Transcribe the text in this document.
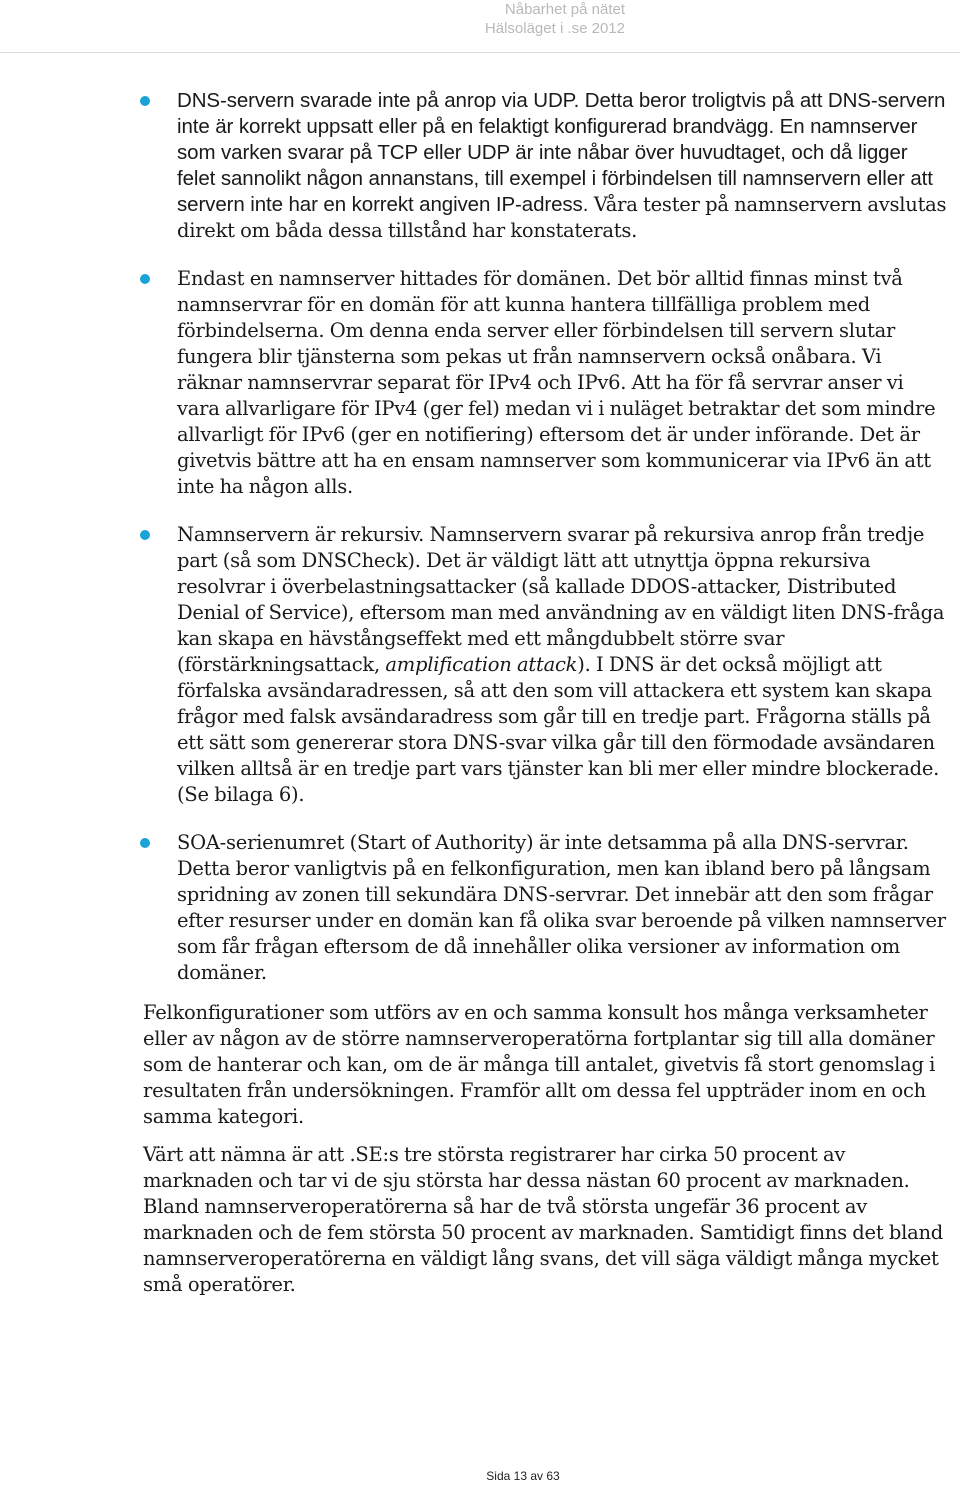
Nåbarhet på nätet
Hälsoläget i .se 2012

DNS-servern svarade inte på anrop via UDP. Detta beror troligtvis på att DNS-servern inte är korrekt uppsatt eller på en felaktigt konfigurerad brandvägg. En namnserver som varken svarar på TCP eller UDP är inte nåbar över huvudtaget, och då ligger felet sannolikt någon annanstans, till exempel i förbindelsen till namnservern eller att servern inte har en korrekt angiven IP-adress. Våra tester på namnservern avslutas direkt om båda dessa tillstånd har konstaterats.

Endast en namnserver hittades för domänen. Det bör alltid finnas minst två namnservrar för en domän för att kunna hantera tillfälliga problem med förbindelserna. Om denna enda server eller förbindelsen till servern slutar fungera blir tjänsterna som pekas ut från namnservern också onåbara. Vi räknar namnservrar separat för IPv4 och IPv6. Att ha för få servrar anser vi vara allvarligare för IPv4 (ger fel) medan vi i nuläget betraktar det som mindre allvarligt för IPv6 (ger en notifiering) eftersom det är under införande. Det är givetvis bättre att ha en ensam namnserver som kommunicerar via IPv6 än att inte ha någon alls.

Namnservern är rekursiv. Namnservern svarar på rekursiva anrop från tredje part (så som DNSCheck). Det är väldigt lätt att utnyttja öppna rekursiva resolvrar i överbelastningsattacker (så kallade DDOS-attacker, Distributed Denial of Service), eftersom man med användning av en väldigt liten DNS-fråga kan skapa en hävstångseffekt med ett mångdubbelt större svar (förstärkningsattack, amplification attack). I DNS är det också möjligt att förfalska avsändaradressen, så att den som vill attackera ett system kan skapa frågor med falsk avsändaradress som går till en tredje part. Frågorna ställs på ett sätt som genererar stora DNS-svar vilka går till den förmodade avsändaren vilken alltså är en tredje part vars tjänster kan bli mer eller mindre blockerade. (Se bilaga 6).

SOA-serienumret (Start of Authority) är inte detsamma på alla DNS-servrar. Detta beror vanligtvis på en felkonfiguration, men kan ibland bero på långsam spridning av zonen till sekundära DNS-servrar. Det innebär att den som frågar efter resurser under en domän kan få olika svar beroende på vilken namnserver som får frågan eftersom de då innehåller olika versioner av information om domäner.

Felkonfigurationer som utförs av en och samma konsult hos många verksamheter eller av någon av de större namnserveroperatörna fortplantar sig till alla domäner som de hanterar och kan, om de är många till antalet, givetvis få stort genomslag i resultaten från undersökningen. Framför allt om dessa fel uppträder inom en och samma kategori.

Värt att nämna är att .SE:s tre största registrarer har cirka 50 procent av marknaden och tar vi de sju största har dessa nästan 60 procent av marknaden. Bland namnserveroperatörerna så har de två största ungefär 36 procent av marknaden och de fem största 50 procent av marknaden. Samtidigt finns det bland namnserveroperatörerna en väldigt lång svans, det vill säga väldigt många mycket små operatörer.

Sida 13 av 63
